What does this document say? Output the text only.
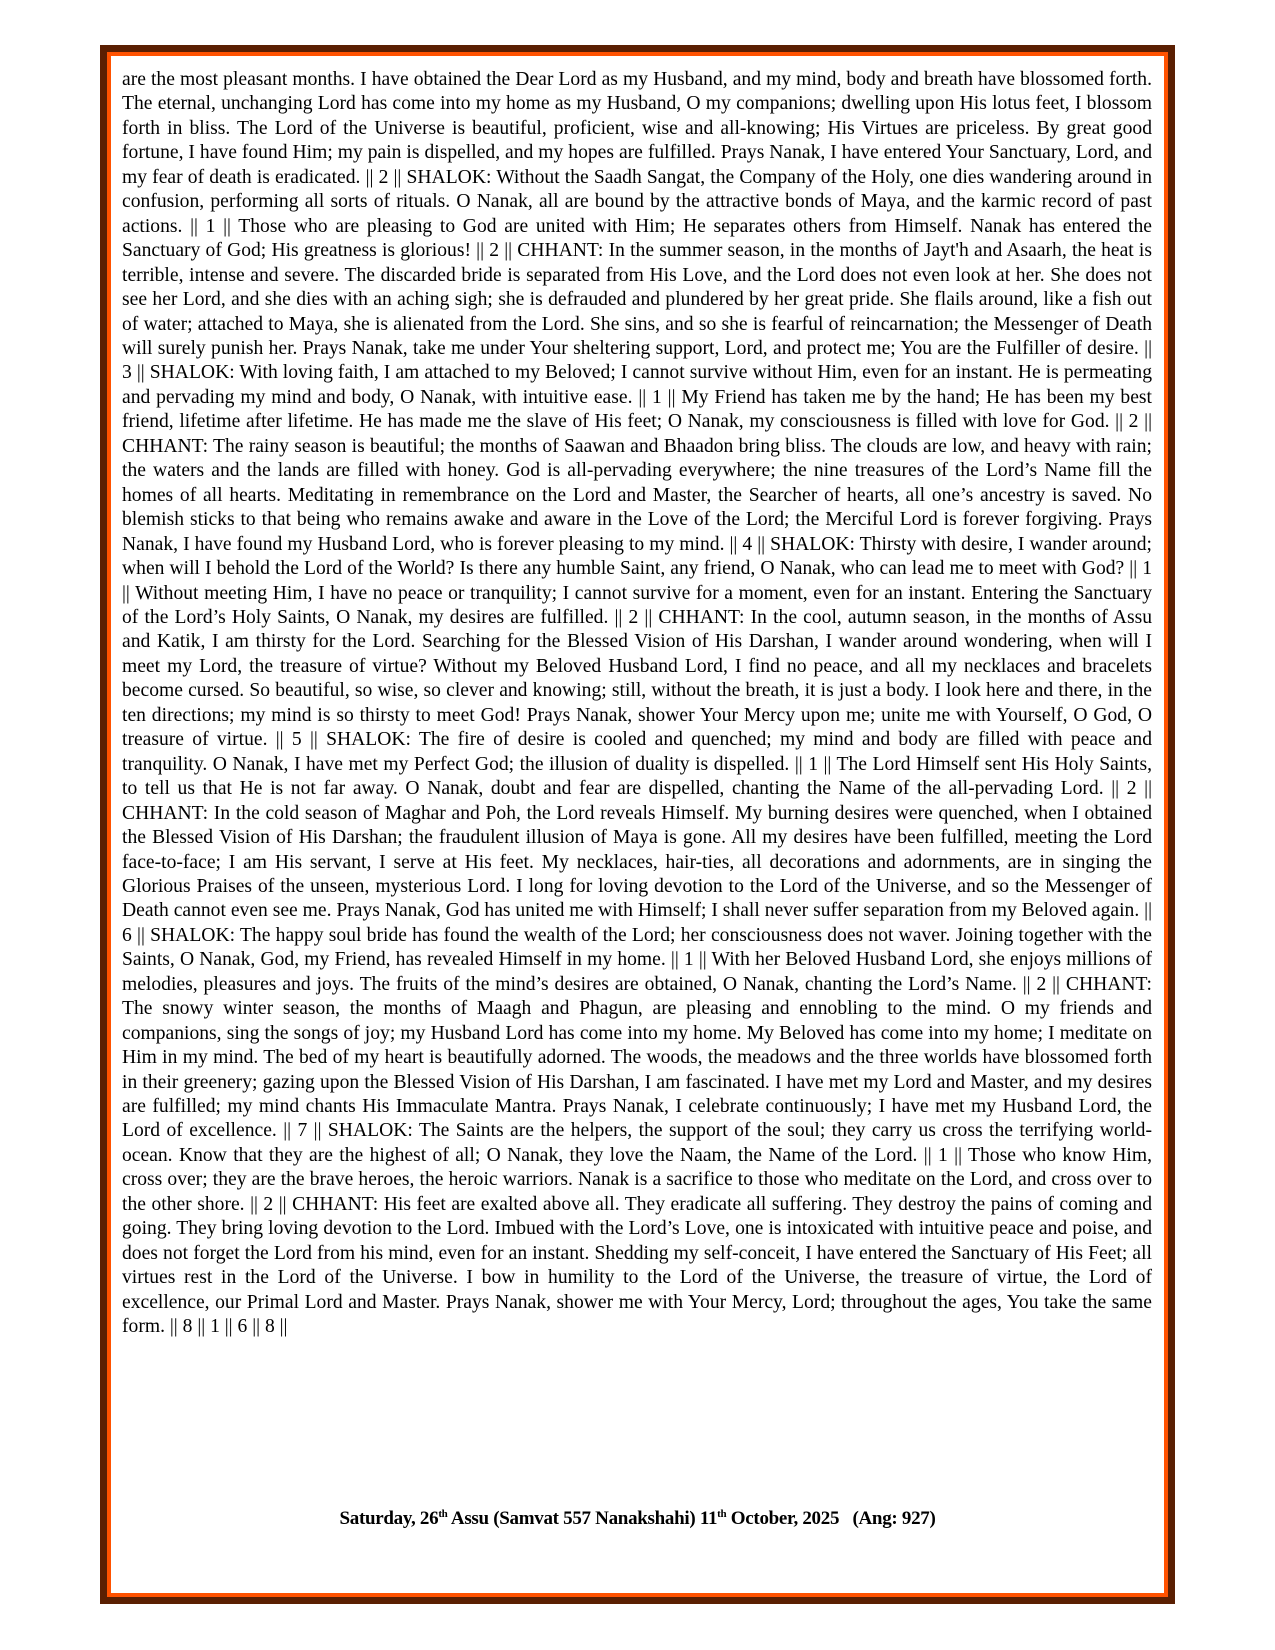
are the most pleasant months. I have obtained the Dear Lord as my Husband, and my mind, body and breath have blossomed forth. The eternal, unchanging Lord has come into my home as my Husband, O my companions; dwelling upon His lotus feet, I blossom forth in bliss. The Lord of the Universe is beautiful, proficient, wise and all-knowing; His Virtues are priceless. By great good fortune, I have found Him; my pain is dispelled, and my hopes are fulfilled. Prays Nanak, I have entered Your Sanctuary, Lord, and my fear of death is eradicated. || 2 || SHALOK: Without the Saadh Sangat, the Company of the Holy, one dies wandering around in confusion, performing all sorts of rituals. O Nanak, all are bound by the attractive bonds of Maya, and the karmic record of past actions. || 1 || Those who are pleasing to God are united with Him; He separates others from Himself. Nanak has entered the Sanctuary of God; His greatness is glorious! || 2 || CHHANT: In the summer season, in the months of Jayt'h and Asaarh, the heat is terrible, intense and severe. The discarded bride is separated from His Love, and the Lord does not even look at her. She does not see her Lord, and she dies with an aching sigh; she is defrauded and plundered by her great pride. She flails around, like a fish out of water; attached to Maya, she is alienated from the Lord. She sins, and so she is fearful of reincarnation; the Messenger of Death will surely punish her. Prays Nanak, take me under Your sheltering support, Lord, and protect me; You are the Fulfiller of desire. || 3 || SHALOK: With loving faith, I am attached to my Beloved; I cannot survive without Him, even for an instant. He is permeating and pervading my mind and body, O Nanak, with intuitive ease. || 1 || My Friend has taken me by the hand; He has been my best friend, lifetime after lifetime. He has made me the slave of His feet; O Nanak, my consciousness is filled with love for God. || 2 || CHHANT: The rainy season is beautiful; the months of Saawan and Bhaadon bring bliss. The clouds are low, and heavy with rain; the waters and the lands are filled with honey. God is all-pervading everywhere; the nine treasures of the Lord’s Name fill the homes of all hearts. Meditating in remembrance on the Lord and Master, the Searcher of hearts, all one’s ancestry is saved. No blemish sticks to that being who remains awake and aware in the Love of the Lord; the Merciful Lord is forever forgiving. Prays Nanak, I have found my Husband Lord, who is forever pleasing to my mind. || 4 || SHALOK: Thirsty with desire, I wander around; when will I behold the Lord of the World? Is there any humble Saint, any friend, O Nanak, who can lead me to meet with God? || 1 || Without meeting Him, I have no peace or tranquility; I cannot survive for a moment, even for an instant. Entering the Sanctuary of the Lord’s Holy Saints, O Nanak, my desires are fulfilled. || 2 || CHHANT: In the cool, autumn season, in the months of Assu and Katik, I am thirsty for the Lord. Searching for the Blessed Vision of His Darshan, I wander around wondering, when will I meet my Lord, the treasure of virtue? Without my Beloved Husband Lord, I find no peace, and all my necklaces and bracelets become cursed. So beautiful, so wise, so clever and knowing; still, without the breath, it is just a body. I look here and there, in the ten directions; my mind is so thirsty to meet God! Prays Nanak, shower Your Mercy upon me; unite me with Yourself, O God, O treasure of virtue. || 5 || SHALOK: The fire of desire is cooled and quenched; my mind and body are filled with peace and tranquility. O Nanak, I have met my Perfect God; the illusion of duality is dispelled. || 1 || The Lord Himself sent His Holy Saints, to tell us that He is not far away. O Nanak, doubt and fear are dispelled, chanting the Name of the all-pervading Lord. || 2 || CHHANT: In the cold season of Maghar and Poh, the Lord reveals Himself. My burning desires were quenched, when I obtained the Blessed Vision of His Darshan; the fraudulent illusion of Maya is gone. All my desires have been fulfilled, meeting the Lord face-to-face; I am His servant, I serve at His feet. My necklaces, hair-ties, all decorations and adornments, are in singing the Glorious Praises of the unseen, mysterious Lord. I long for loving devotion to the Lord of the Universe, and so the Messenger of Death cannot even see me. Prays Nanak, God has united me with Himself; I shall never suffer separation from my Beloved again. || 6 || SHALOK: The happy soul bride has found the wealth of the Lord; her consciousness does not waver. Joining together with the Saints, O Nanak, God, my Friend, has revealed Himself in my home. || 1 || With her Beloved Husband Lord, she enjoys millions of melodies, pleasures and joys. The fruits of the mind’s desires are obtained, O Nanak, chanting the Lord’s Name. || 2 || CHHANT: The snowy winter season, the months of Maagh and Phagun, are pleasing and ennobling to the mind. O my friends and companions, sing the songs of joy; my Husband Lord has come into my home. My Beloved has come into my home; I meditate on Him in my mind. The bed of my heart is beautifully adorned. The woods, the meadows and the three worlds have blossomed forth in their greenery; gazing upon the Blessed Vision of His Darshan, I am fascinated. I have met my Lord and Master, and my desires are fulfilled; my mind chants His Immaculate Mantra. Prays Nanak, I celebrate continuously; I have met my Husband Lord, the Lord of excellence. || 7 || SHALOK: The Saints are the helpers, the support of the soul; they carry us cross the terrifying world-ocean. Know that they are the highest of all; O Nanak, they love the Naam, the Name of the Lord. || 1 || Those who know Him, cross over; they are the brave heroes, the heroic warriors. Nanak is a sacrifice to those who meditate on the Lord, and cross over to the other shore. || 2 || CHHANT: His feet are exalted above all. They eradicate all suffering. They destroy the pains of coming and going. They bring loving devotion to the Lord. Imbued with the Lord’s Love, one is intoxicated with intuitive peace and poise, and does not forget the Lord from his mind, even for an instant. Shedding my self-conceit, I have entered the Sanctuary of His Feet; all virtues rest in the Lord of the Universe. I bow in humility to the Lord of the Universe, the treasure of virtue, the Lord of excellence, our Primal Lord and Master. Prays Nanak, shower me with Your Mercy, Lord; throughout the ages, You take the same form. || 8 || 1 || 6 || 8 ||

Saturday, 26th Assu (Samvat 557 Nanakshahi) 11th October, 2025   (Ang: 927)
